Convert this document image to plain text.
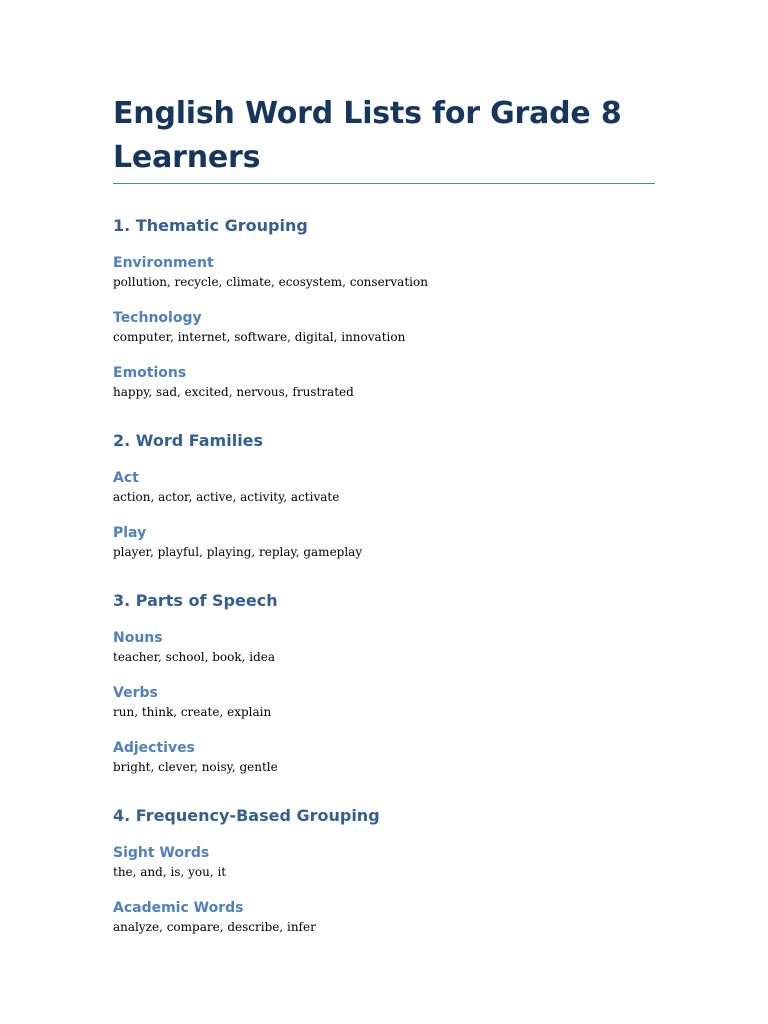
English Word Lists for Grade 8 Learners
1. Thematic Grouping
Environment

pollution, recycle, climate, ecosystem, conservation

Technology

computer, internet, software, digital, innovation

Emotions

happy, sad, excited, nervous, frustrated

2. Word Families
Act

action, actor, active, activity, activate

Play

player, playful, playing, replay, gameplay

3. Parts of Speech
Nouns

teacher, school, book, idea

Verbs

run, think, create, explain

Adjectives

bright, clever, noisy, gentle

4. Frequency-Based Grouping
Sight Words

the, and, is, you, it

Academic Words

analyze, compare, describe, infer
